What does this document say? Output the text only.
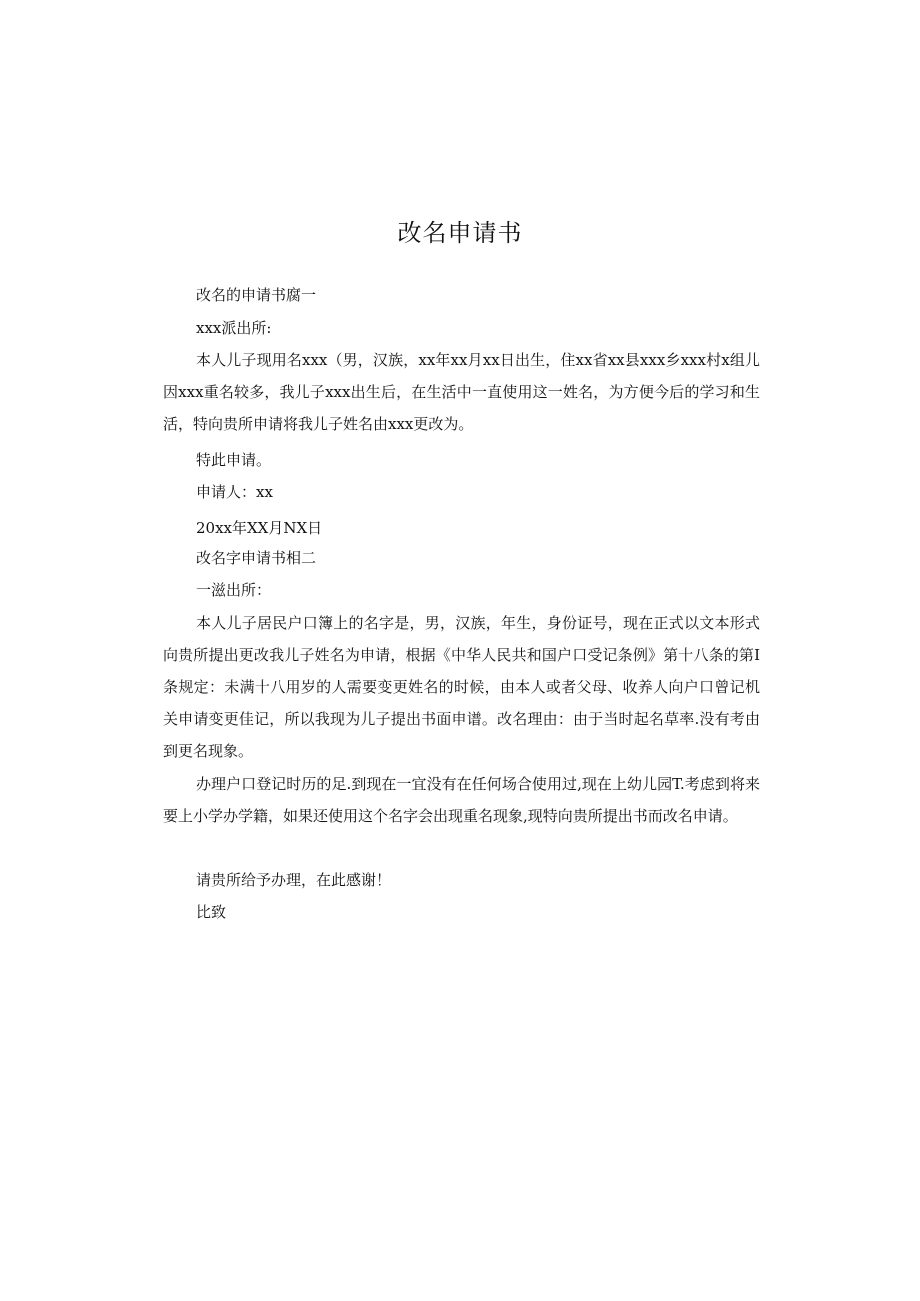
改名申请书

改名的申请书腐一

xxx派出所:

本人儿子现用名xxx（男，汉族，xx年xx月xx日出生，住xx省xx县xxx乡xxx村x组儿因xxx重名较多，我儿子xxx出生后，在生活中一直使用这一姓名，为方便今后的学习和生活，特向贵所申请将我儿子姓名由xxx更改为。

特此申请。

申请人：xx

20xx年XX月NX日

改名字申请书相二

一滋出所：

本人儿子居民户口簿上的名字是，男，汉族，年生，身份证号，现在正式以文本形式向贵所提出更改我儿子姓名为申请，根据《中华人民共和国户口受记条例》第十八条的第I条规定：未满十八用岁的人需要变更姓名的时候，由本人或者父母、收养人向户口曾记机关申请变更佳记，所以我现为儿子提出书面申谱。改名理由：由于当时起名草率.没有考由到更名现象。

办理户口登记时历的足.到现在一宜没有在任何场合使用过,现在上幼儿园T.考虑到将来要上小学办学籍，如果还使用这个名字会出现重名现象,现特向贵所提出书而改名申请。

请贵所给予办理，在此感谢！

比致
